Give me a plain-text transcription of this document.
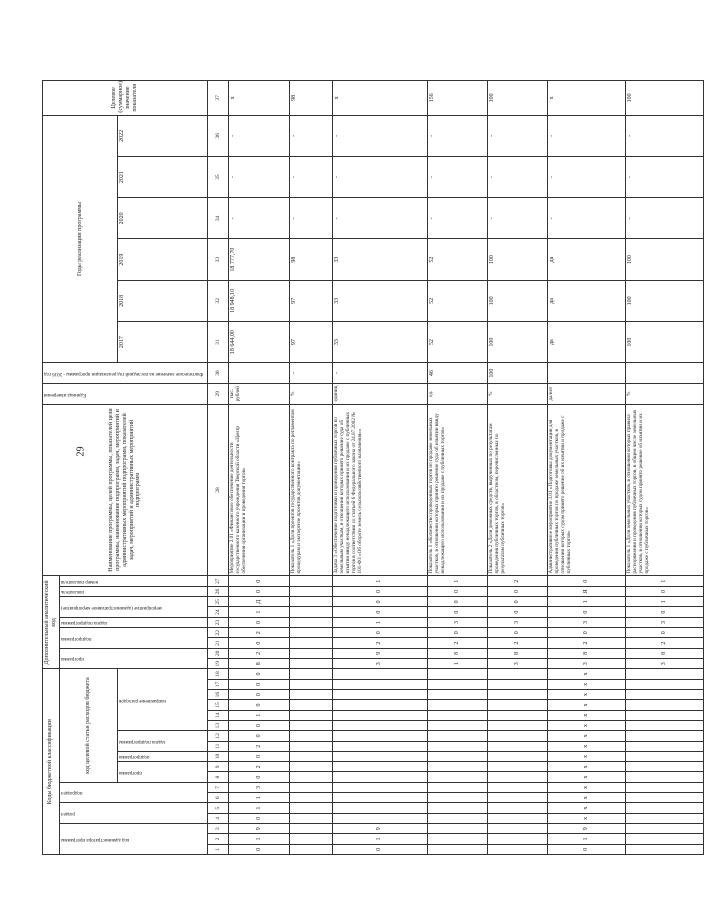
29
Коды бюджетной классификации																		Дополнительный аналитический код									Наименование программы, целей программы, показателей цели программы, наименование подпрограмм, задач, мероприятий и административных мероприятий подпрограмм, показателей задач, мероприятий и административных мероприятий подпрограмм	Единица измерения	Фактическое значение на последний год реализации программы - 2016 год	Годы реализации программы						Целевое (суммарное) значение показателя
код администратора программы			раздел		подраздел		код целевой статьи расходов бюджета											программа		подпрограмма		задача подпрограммы	мероприятие (административное мероприятие)		показатель	номер показателя										
							программа		подпрограмма	задача подпрограммы		направление расходов																		2017	2018	2019	2020	2021	2022	
1	2	3	4	5	6	7	8	9	10	11	12	13	14	15	16	17	18	19	20	21	22	23	24	25	26	27	28	29	30	31	32	33	34	35	36	37
0	1	9	0	1	1	3	0	2	0	2	0	0	1	0	0	0	0	8	2	0	2	0	1	Д	0	0	Мероприятие 2.01 «Финансовое обеспечение деятельности государственного казенного учреждения Тверской области «Центр обеспечения организации и проведения торгов»	тыс. рублей		18 644,00	18 948,10	18 777,70	-	-	-	х
																											Показатель 1 «Доля проектов государственного контракта по регламентам процедурам и экспертизе проектов документации»	%	-	97	97	98	-	-	-	98
0	1	9																3	9	2	0	1	0	0	0	1	Задача 3 «Обеспечение подготовки и проведения публичных торгов по земельным участкам, в отношении которых принято решение суда об изъятии ввиду ненадлежащего использования и их продаже с публичных торгов в соответствии со статьей 6 Федерального закона от 24.07.2002 № 101-ФЗ «Об обороте земель сельскохозяйственного назначения»»	единиц	-	33	33	33	-	-	-	х
																		1	8	2	0	3	0	0	0	1	Показатель 1 «Количество проведенных торгов по продаже земельных участков, в отношении которых принято решение суда об изъятии ввиду ненадлежащего использования и их продаже с публичных торгов»	ед.	46	52	52	52	-	-	-	156
																		3	8	2	0	3	0	0	0	2	Показатель 2 «Доля денежных средств, вырученных по результатам проведения публичных торгов, в областном, перечисленных по результатам публичных торгов»	%	100	100	100	100	-	-	-	100
0	1	9	х	х	х	х	х	х	х	х	х	х	х	х	х	х	х	3	8	2	0	3	0	1	Я	0	Административное мероприятие 3.01 «Подготовка документации для проведения публичных торгов по продаже земельных участков, в отношении которых судом принято решение об их изъятии и продаже с публичных торгов»	да/нет		да	да	да	-	-	-	х
																		3	8	2	0	3	0	1	0	1	Показатель 1 «Доля земельных участков, в отношении которых правила распоряжения и проведения публичных торгов, в общем числе земельных участков, в отношении которых судом принято решение об изъятии и их продаже с публичных торгов»	%		100	100	100	-	-	-	100
